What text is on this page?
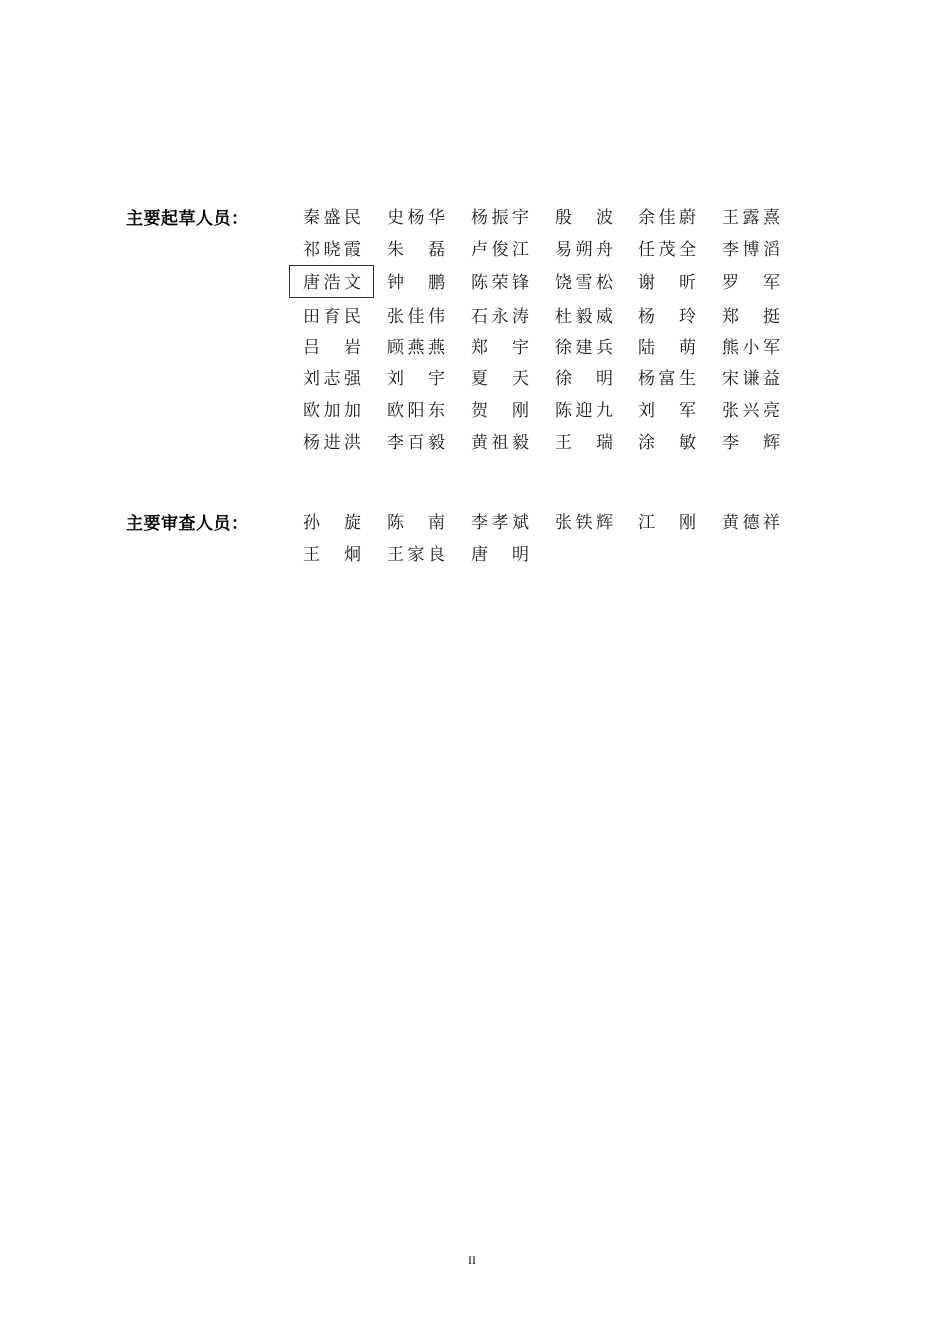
主要起草人员：	秦 盛 民 史 杨 华 杨 振 宇 殷 波 余 佳 蔚 王 露 熹
祁 晓 霞 朱 磊 卢 俊 江 易 朔 舟 任 茂 全 李 博 滔
唐 浩 文 钟 鹏 陈 荣 锋 饶 雪 松 谢 昕 罗 军
田 育 民 张 佳 伟 石 永 涛 杜 毅 威 杨 玲 郑 挺
吕 岩 顾 燕 燕 郑 宇 徐 建 兵 陆 萌 熊 小 军
刘 志 强 刘 宇 夏 天 徐 明 杨 富 生 宋 谦 益
欧 加 加 欧 阳 东 贺 刚 陈 迎 九 刘 军 张 兴 亮
杨 进 洪 李 百 毅 黄 祖 毅 王 瑞 涂 敏 李 辉
主要审查人员：	孙 旋 陈 南 李 孝 斌 张 铁 辉 江 刚 黄 德 祥
王 炯 王 家 良 唐 明
II
